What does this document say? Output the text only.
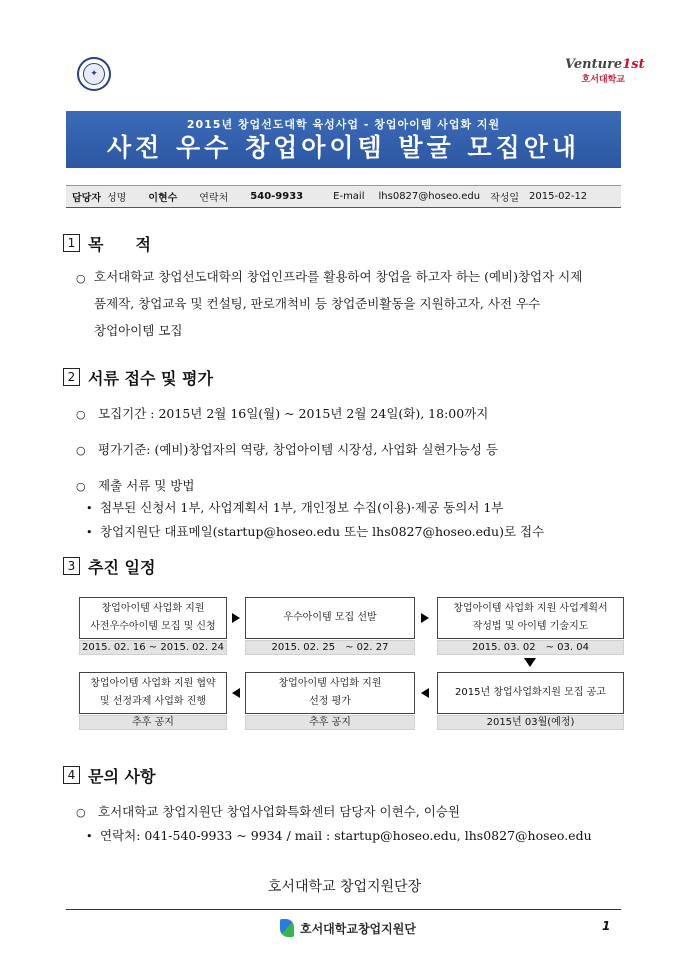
✦
Venture1st
호서대학교
2015년 창업선도대학 육성사업 - 창업아이템 사업화 지원
사전 우수 창업아이템 발굴 모집안내
담당자 성명 이현수 연락처 540-9933	E-mail lhs0827@hoseo.edu 작성일 2015-02-12
1 목　　적
○ 호서대학교 창업선도대학의 창업인프라를 활용하여 창업을 하고자 하는 (예비)창업자 시제
품제작, 창업교육 및 컨설팅, 판로개척비 등 창업준비활동을 지원하고자, 사전 우수
창업아이템 모집
2 서류 접수 및 평가
○ 모집기간 : 2015년 2월 16일(월) ~ 2015년 2월 24일(화), 18:00까지
○ 평가기준: (예비)창업자의 역량, 창업아이템 시장성, 사업화 실현가능성 등
○ 제출 서류 및 방법
• 첨부된 신청서 1부, 사업계획서 1부, 개인정보 수집(이용)·제공 동의서 1부
• 창업지원단 대표메일(startup@hoseo.edu 또는 lhs0827@hoseo.edu)로 접수
3 추진 일정
창업아이템 사업화 지원
사전우수아이템 모집 및 신청
2015. 02. 16 ~ 2015. 02. 24
우수아이템 모집 선발
2015. 02. 25　~ 02. 27
창업아이템 사업화 지원 사업계획서
작성법 및 아이템 기술지도
2015. 03. 02　~ 03. 04
창업아이템 사업화 지원 협약
및 선정과제 사업화 진행
추후 공지
창업아이템 사업화 지원
선정 평가
추후 공지
2015년 창업사업화지원 모집 공고
2015년 03월(예정)
4 문의 사항
○ 호서대학교 창업지원단 창업사업화특화센터 담당자 이현수, 이승원
• 연락처: 041-540-9933 ~ 9934 / mail : startup@hoseo.edu, lhs0827@hoseo.edu
호서대학교 창업지원단장
호서대학교창업지원단	1
